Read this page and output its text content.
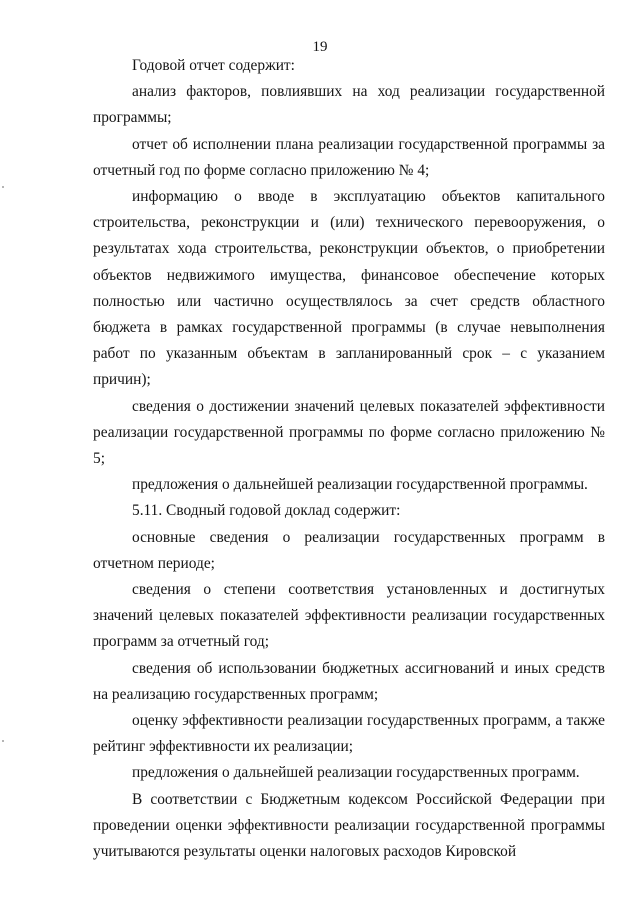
19

Годовой отчет содержит:

анализ факторов, повлиявших на ход реализации государственной программы;

отчет об исполнении плана реализации государственной программы за отчетный год по форме согласно приложению № 4;

информацию о вводе в эксплуатацию объектов капитального строительства, реконструкции и (или) технического перевооружения, о результатах хода строительства, реконструкции объектов, о приобретении объектов недвижимого имущества, финансовое обеспечение которых полностью или частично осуществлялось за счет средств областного бюджета в рамках государственной программы (в случае невыполнения работ по указанным объектам в запланированный срок – с указанием причин);

сведения о достижении значений целевых показателей эффективности реализации государственной программы по форме согласно приложению № 5;

предложения о дальнейшей реализации государственной программы.

5.11. Сводный годовой доклад содержит:

основные сведения о реализации государственных программ в отчетном периоде;

сведения о степени соответствия установленных и достигнутых значений целевых показателей эффективности реализации государственных программ за отчетный год;

сведения об использовании бюджетных ассигнований и иных средств на реализацию государственных программ;

оценку эффективности реализации государственных программ, а также рейтинг эффективности их реализации;

предложения о дальнейшей реализации государственных программ.

В соответствии с Бюджетным кодексом Российской Федерации при проведении оценки эффективности реализации государственной программы учитываются результаты оценки налоговых расходов Кировской
